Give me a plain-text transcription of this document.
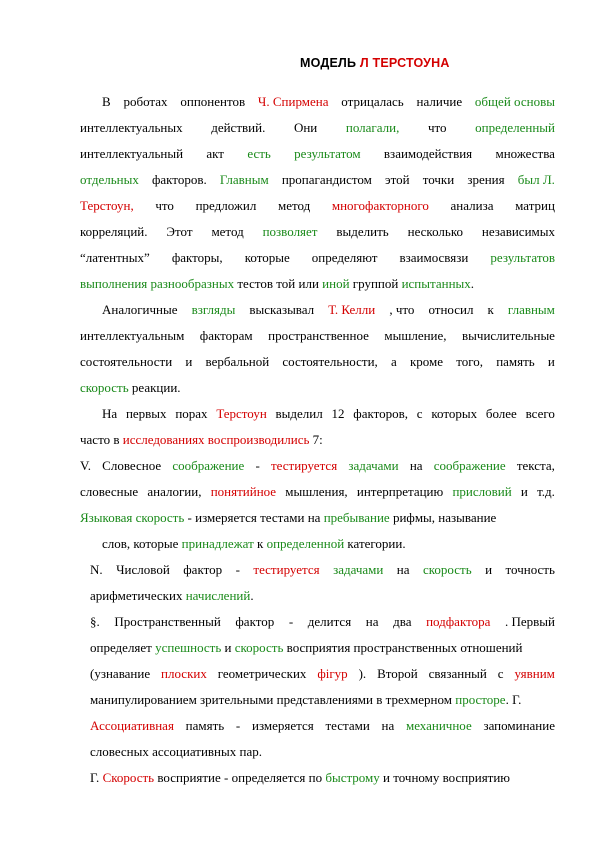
МОДЕЛЬ Л ТЕРСТОУНА
В роботах оппонентов Ч. Спирмена отрицалась наличие общей основы
интеллектуальных действий. Они полагали, что определенный
интеллектуальный акт есть результатом взаимодействия множества
отдельных факторов. Главным пропагандистом этой точки зрения был Л.
Терстоун, что предложил метод многофакторного анализа матриц
корреляций. Этот метод позволяет выделить несколько независимых
“латентных” факторы, которые определяют взаимосвязи результатов
выполнения разнообразных тестов той или иной группой испытанных.
Аналогичные взгляды высказывал Т. Келли , что относил к главным
интеллектуальным факторам пространственное мышление, вычислительные
состоятельности и вербальной состоятельности, а кроме того, память и
скорость реакции.
На первых порах Терстоун выделил 12 факторов, с которых более всего
часто в исследованиях воспроизводились 7:
V. Словесное соображение - тестируется задачами на соображение текста,
словесные аналогии, понятийное мышления, интерпретацию присловий и т.д.
Языковая скорость - измеряется тестами на пребывание рифмы, называние
слов, которые принадлежат к определенной категории.
N. Числовой фактор - тестируется задачами на скорость и точность
арифметических начислений.
§. Пространственный фактор - делится на два подфактора . Первый
определяет успешность и скорость восприятия пространственных отношений
(узнавание плоских геометрических фігур ). Второй связанный с уявним
манипулированием зрительными представлениями в трехмерном просторе. Г.
Ассоциативная память - измеряется тестами на механичное запоминание
словесных ассоциативных пар.
Г. Скорость восприятие - определяется по быстрому и точному восприятию
